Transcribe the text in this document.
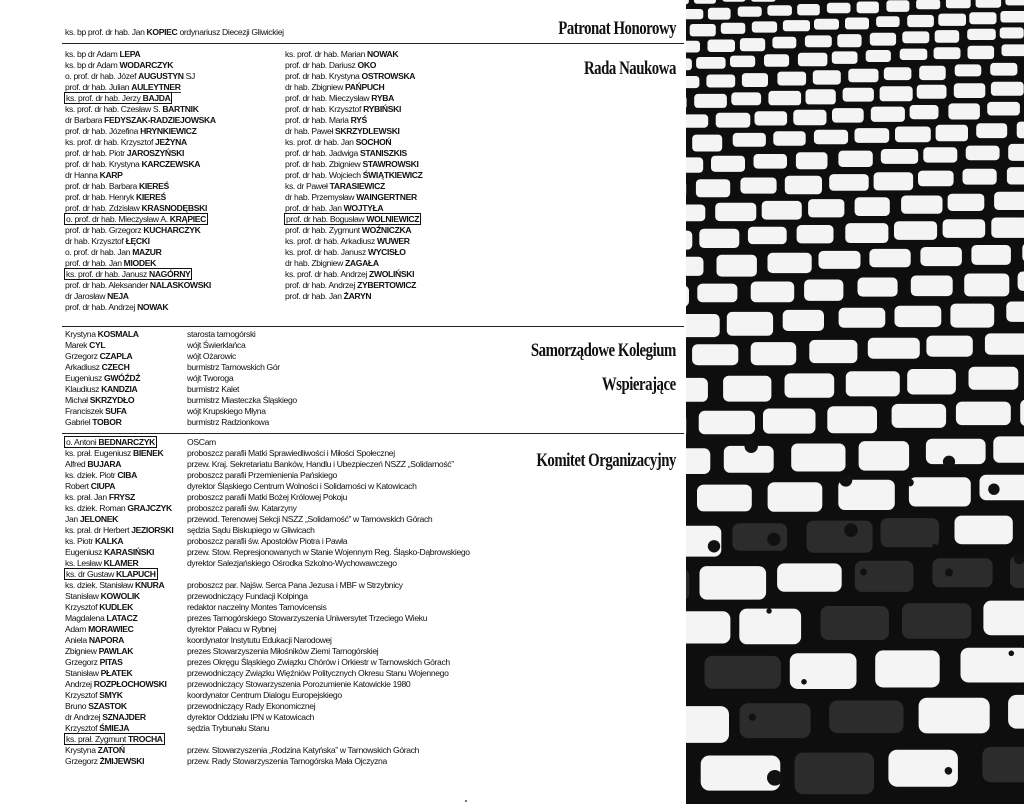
ks. bp prof. dr hab. Jan KOPIEC ordynariusz Diecezji Gliwickiej	Patronat Honorowy
Rada Naukowa
ks. bp dr Adam LEPA
ks. bp dr Adam WODARCZYK
o. prof. dr hab. Józef AUGUSTYN SJ
prof. dr hab. Julian AULEYTNER
ks. prof. dr hab. Jerzy BAJDA
ks. prof. dr hab. Czesław S. BARTNIK
dr Barbara FEDYSZAK-RADZIEJOWSKA
prof. dr hab. Józefina HRYNKIEWICZ
ks. prof. dr hab. Krzysztof JEŻYNA
prof. dr hab. Piotr JAROSZYŃSKI
prof. dr hab. Krystyna KARCZEWSKA
dr Hanna KARP
prof. dr hab. Barbara KIEREŚ
prof. dr hab. Henryk KIEREŚ
prof. dr hab. Zdzisław KRASNODĘBSKI
o. prof. dr hab. Mieczysław A. KRĄPIEC
prof. dr hab. Grzegorz KUCHARCZYK
dr hab. Krzysztof ŁĘCKI
o. prof. dr hab. Jan MAZUR
prof. dr hab. Jan MIODEK
ks. prof. dr hab. Janusz NAGÓRNY
prof. dr hab. Aleksander NALASKOWSKI
dr Jarosław NEJA
prof. dr hab. Andrzej NOWAK
ks. prof. dr hab. Marian NOWAK
prof. dr hab. Dariusz OKO
prof. dr hab. Krystyna OSTROWSKA
dr hab. Zbigniew PAŃPUCH
prof. dr hab. Mieczysław RYBA
prof. dr hab. Krzysztof RYBIŃSKI
prof. dr hab. Maria RYŚ
dr hab. Paweł SKRZYDLEWSKI
ks. prof. dr hab. Jan SOCHOŃ
prof. dr hab. Jadwiga STANISZKIS
prof. dr hab. Zbigniew STAWROWSKI
prof. dr hab. Wojciech ŚWIĄTKIEWICZ
ks. dr Paweł TARASIEWICZ
dr hab. Przemysław WAINGERTNER
prof. dr hab. Jan WOJTYŁA
prof. dr hab. Bogusław WOLNIEWICZ
prof. dr hab. Zygmunt WOŹNICZKA
ks. prof. dr hab. Arkadiusz WUWER
ks. prof. dr hab. Janusz WYCISŁO
dr hab. Zbigniew ZAGAŁA
ks. prof. dr hab. Andrzej ZWOLIŃSKI
prof. dr hab. Andrzej ZYBERTOWICZ
prof. dr hab. Jan ŻARYN
Samorządowe Kolegium
Wspierające
Krystyna KOSMALA	starosta tarnogórski
Marek CYL	wójt Świerklańca
Grzegorz CZAPLA	wójt Ożarowic
Arkadiusz CZECH	burmistrz Tarnowskich Gór
Eugeniusz GWÓŹDŹ	wójt Tworoga
Klaudiusz KANDZIA	burmistrz Kalet
Michał SKRZYDŁO	burmistrz Miasteczka Śląskiego
Franciszek SUFA	wójt Krupskiego Młyna
Gabriel TOBOR	burmistrz Radzionkowa
Komitet Organizacyjny
o. Antoni BEDNARCZYK	OSCam
ks. prał. Eugeniusz BIENEK	proboszcz parafii Matki Sprawiedliwości i Miłości Społecznej
Alfred BUJARA	przew. Kraj. Sekretariatu Banków, Handlu i Ubezpieczeń NSZZ „Solidarność”
ks. dziek. Piotr CIBA	proboszcz parafii Przemienienia Pańskiego
Robert CIUPA	dyrektor Śląskiego Centrum Wolności i Solidarności w Katowicach
ks. prał. Jan FRYSZ	proboszcz parafii Matki Bożej Królowej Pokoju
ks. dziek. Roman GRAJCZYK proboszcz parafii św. Katarzyny
Jan JELONEK	przewod. Terenowej Sekcji NSZZ „Solidarność” w Tarnowskich Górach
ks. prał. dr Herbert JEZIORSKI sędzia Sądu Biskupiego w Gliwicach
ks. Piotr KALKA	proboszcz parafii św. Apostołów Piotra i Pawła
Eugeniusz KARASIŃSKI	przew. Stow. Represjonowanych w Stanie Wojennym Reg. Śląsko-Dąbrowskiego
ks. Lesław KLAMER	dyrektor Salezjańskiego Ośrodka Szkolno-Wychowawczego
ks. dr Gustaw KLAPUCH
ks. dziek. Stanisław KNURA	proboszcz par. Najśw. Serca Pana Jezusa i MBF w Strzybnicy
Stanisław KOWOLIK	przewodniczący Fundacji Kolpinga
Krzysztof KUDLEK	redaktor naczelny Montes Tarnovicensis
Magdalena LATACZ	prezes Tarnogórskiego Stowarzyszenia Uniwersytet Trzeciego Wieku
Adam MORAWIEC	dyrektor Pałacu w Rybnej
Aniela NAPORA	koordynator Instytutu Edukacji Narodowej
Zbigniew PAWLAK	prezes Stowarzyszenia Miłośników Ziemi Tarnogórskiej
Grzegorz PITAS	prezes Okręgu Śląskiego Związku Chórów i Orkiestr w Tarnowskich Górach
Stanisław PŁATEK	przewodniczący Związku Więźniów Politycznych Okresu Stanu Wojennego
Andrzej ROZPŁOCHOWSKI przewodniczący Stowarzyszenia Porozumienie Katowickie 1980
Krzysztof SMYK	koordynator Centrum Dialogu Europejskiego
Bruno SZASTOK	przewodniczący Rady Ekonomicznej
dr Andrzej SZNAJDER	dyrektor Oddziału IPN w Katowicach
Krzysztof ŚMIEJA	sędzia Trybunału Stanu
ks. prał. Zygmunt TROCHA
Krystyna ZATOŃ	przew. Stowarzyszenia „Rodzina Katyńska” w Tarnowskich Górach
Grzegorz ŻMIJEWSKI	przew. Rady Stowarzyszenia Tarnogórska Mała Ojczyzna
